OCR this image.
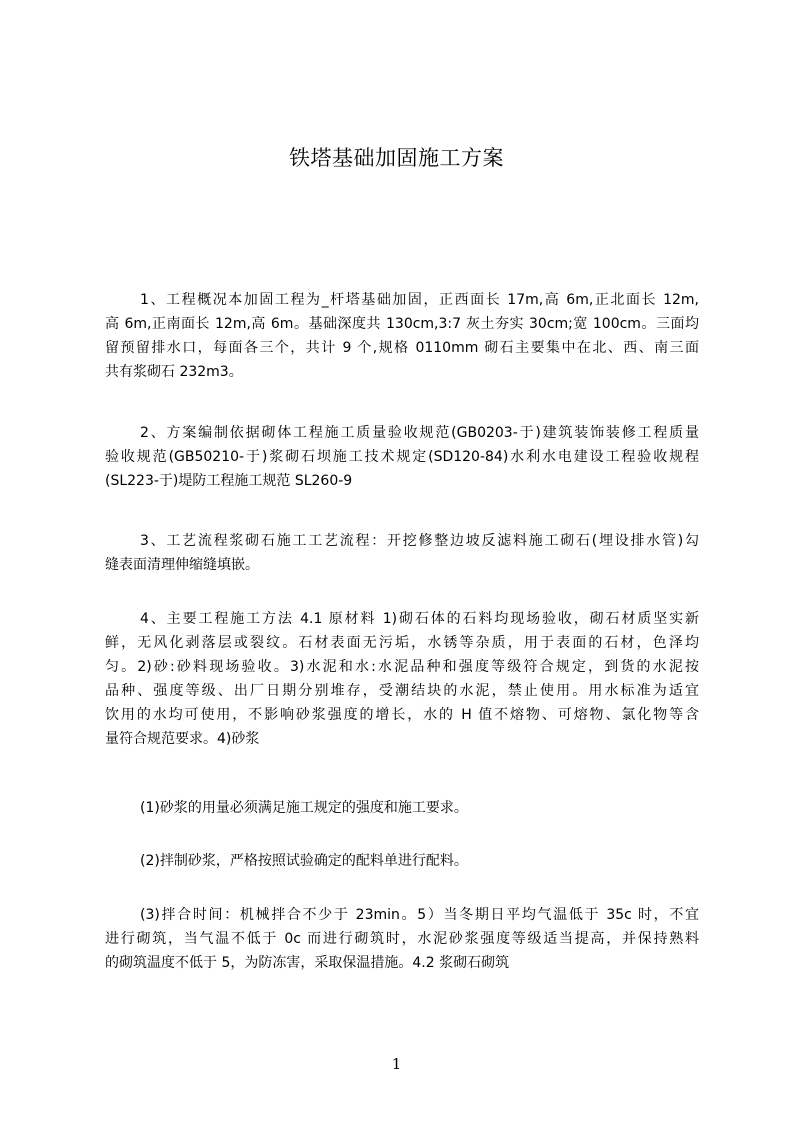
铁塔基础加固施工方案
1、工程概况本加固工程为_杆塔基础加固，正西面长 17m,高 6m,正北面长 12m,
高 6m,正南面长 12m,高 6m。基础深度共 130cm,3:7 灰土夯实 30cm;宽 100cm。三面均
留预留排水口，每面各三个，共计 9 个,规格 0110mm 砌石主要集中在北、西、南三面
共有浆砌石 232m3。
2、方案编制依据砌体工程施工质量验收规范(GB0203-于)建筑装饰装修工程质量
验收规范(GB50210-于)浆砌石坝施工技术规定(SD120-84)水利水电建设工程验收规程
(SL223-于)堤防工程施工规范 SL260-9
3、工艺流程浆砌石施工工艺流程：开挖修整边坡反滤料施工砌石(埋设排水管)勾
缝表面清理伸缩缝填嵌。
4、主要工程施工方法 4.1 原材料 1)砌石体的石料均现场验收，砌石材质坚实新
鲜，无风化剥落层或裂纹。石材表面无污垢，水锈等杂质，用于表面的石材，色泽均
匀。2)砂:砂料现场验收。3)水泥和水:水泥品种和强度等级符合规定，到货的水泥按
品种、强度等级、出厂日期分别堆存，受潮结块的水泥，禁止使用。用水标准为适宜
饮用的水均可使用，不影响砂浆强度的增长，水的 H 值不熔物、可熔物、氯化物等含
量符合规范要求。4)砂浆
(1)砂浆的用量必须满足施工规定的强度和施工要求。
(2)拌制砂浆，严格按照试验确定的配料单进行配料。
(3)拌合时间：机械拌合不少于 23min。5）当冬期日平均气温低于 35c 时，不宜
进行砌筑，当气温不低于 0c 而进行砌筑时，水泥砂浆强度等级适当提高，并保持熟料
的砌筑温度不低于 5，为防冻害，采取保温措施。4.2 浆砌石砌筑
1
